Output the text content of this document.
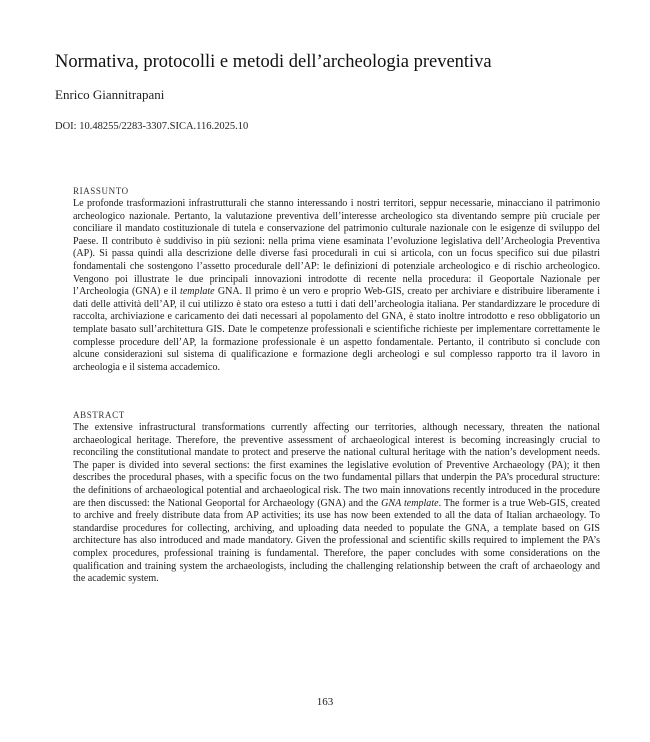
Normativa, protocolli e metodi dell’archeologia preventiva
Enrico Giannitrapani
DOI: 10.48255/2283-3307.SICA.116.2025.10
RIASSUNTO

Le profonde trasformazioni infrastrutturali che stanno interessando i nostri territori, seppur necessarie, minacciano il patrimonio archeologico nazionale. Pertanto, la valutazione preventiva dell’interesse archeologico sta diventando sempre più cruciale per conciliare il mandato costituzionale di tutela e conservazione del patrimonio culturale nazionale con le esigenze di sviluppo del Paese. Il contributo è suddiviso in più sezioni: nella prima viene esaminata l’evoluzione legislativa dell’Archeologia Preventiva (AP). Si passa quindi alla descrizione delle diverse fasi procedurali in cui si articola, con un focus specifico sui due pilastri fondamentali che sostengono l’assetto procedurale dell’AP: le definizioni di potenziale archeologico e di rischio archeologico. Vengono poi illustrate le due principali innovazioni introdotte di recente nella procedura: il Geoportale Nazionale per l’Archeologia (GNA) e il template GNA. Il primo è un vero e proprio Web-GIS, creato per archiviare e distribuire liberamente i dati delle attività dell’AP, il cui utilizzo è stato ora esteso a tutti i dati dell’archeologia italiana. Per standardizzare le procedure di raccolta, archiviazione e caricamento dei dati necessari al popolamento del GNA, è stato inoltre introdotto e reso obbligatorio un template basato sull’architettura GIS. Date le competenze professionali e scientifiche richieste per implementare correttamente le complesse procedure dell’AP, la formazione professionale è un aspetto fondamentale. Pertanto, il contributo si conclude con alcune considerazioni sul sistema di qualificazione e formazione degli archeologi e sul complesso rapporto tra il lavoro in archeologia e il sistema accademico.

ABSTRACT

The extensive infrastructural transformations currently affecting our territories, although necessary, threaten the national archaeological heritage. Therefore, the preventive assessment of archaeological interest is becoming increasingly crucial to reconciling the constitutional mandate to protect and preserve the national cultural heritage with the nation’s development needs. The paper is divided into several sections: the first examines the legislative evolution of Preventive Archaeology (PA); it then describes the procedural phases, with a specific focus on the two fundamental pillars that underpin the PA’s procedural structure: the definitions of archaeological potential and archaeological risk. The two main innovations recently introduced in the procedure are then discussed: the National Geoportal for Archaeology (GNA) and the GNA template. The former is a true Web-GIS, created to archive and freely distribute data from AP activities; its use has now been extended to all the data of Italian archaeology. To standardise procedures for collecting, archiving, and uploading data needed to populate the GNA, a template based on GIS architecture has also introduced and made mandatory. Given the professional and scientific skills required to implement the PA’s complex procedures, professional training is fundamental. Therefore, the paper concludes with some considerations on the qualification and training system the archaeologists, including the challenging relationship between the craft of archaeology and the academic system.

163
